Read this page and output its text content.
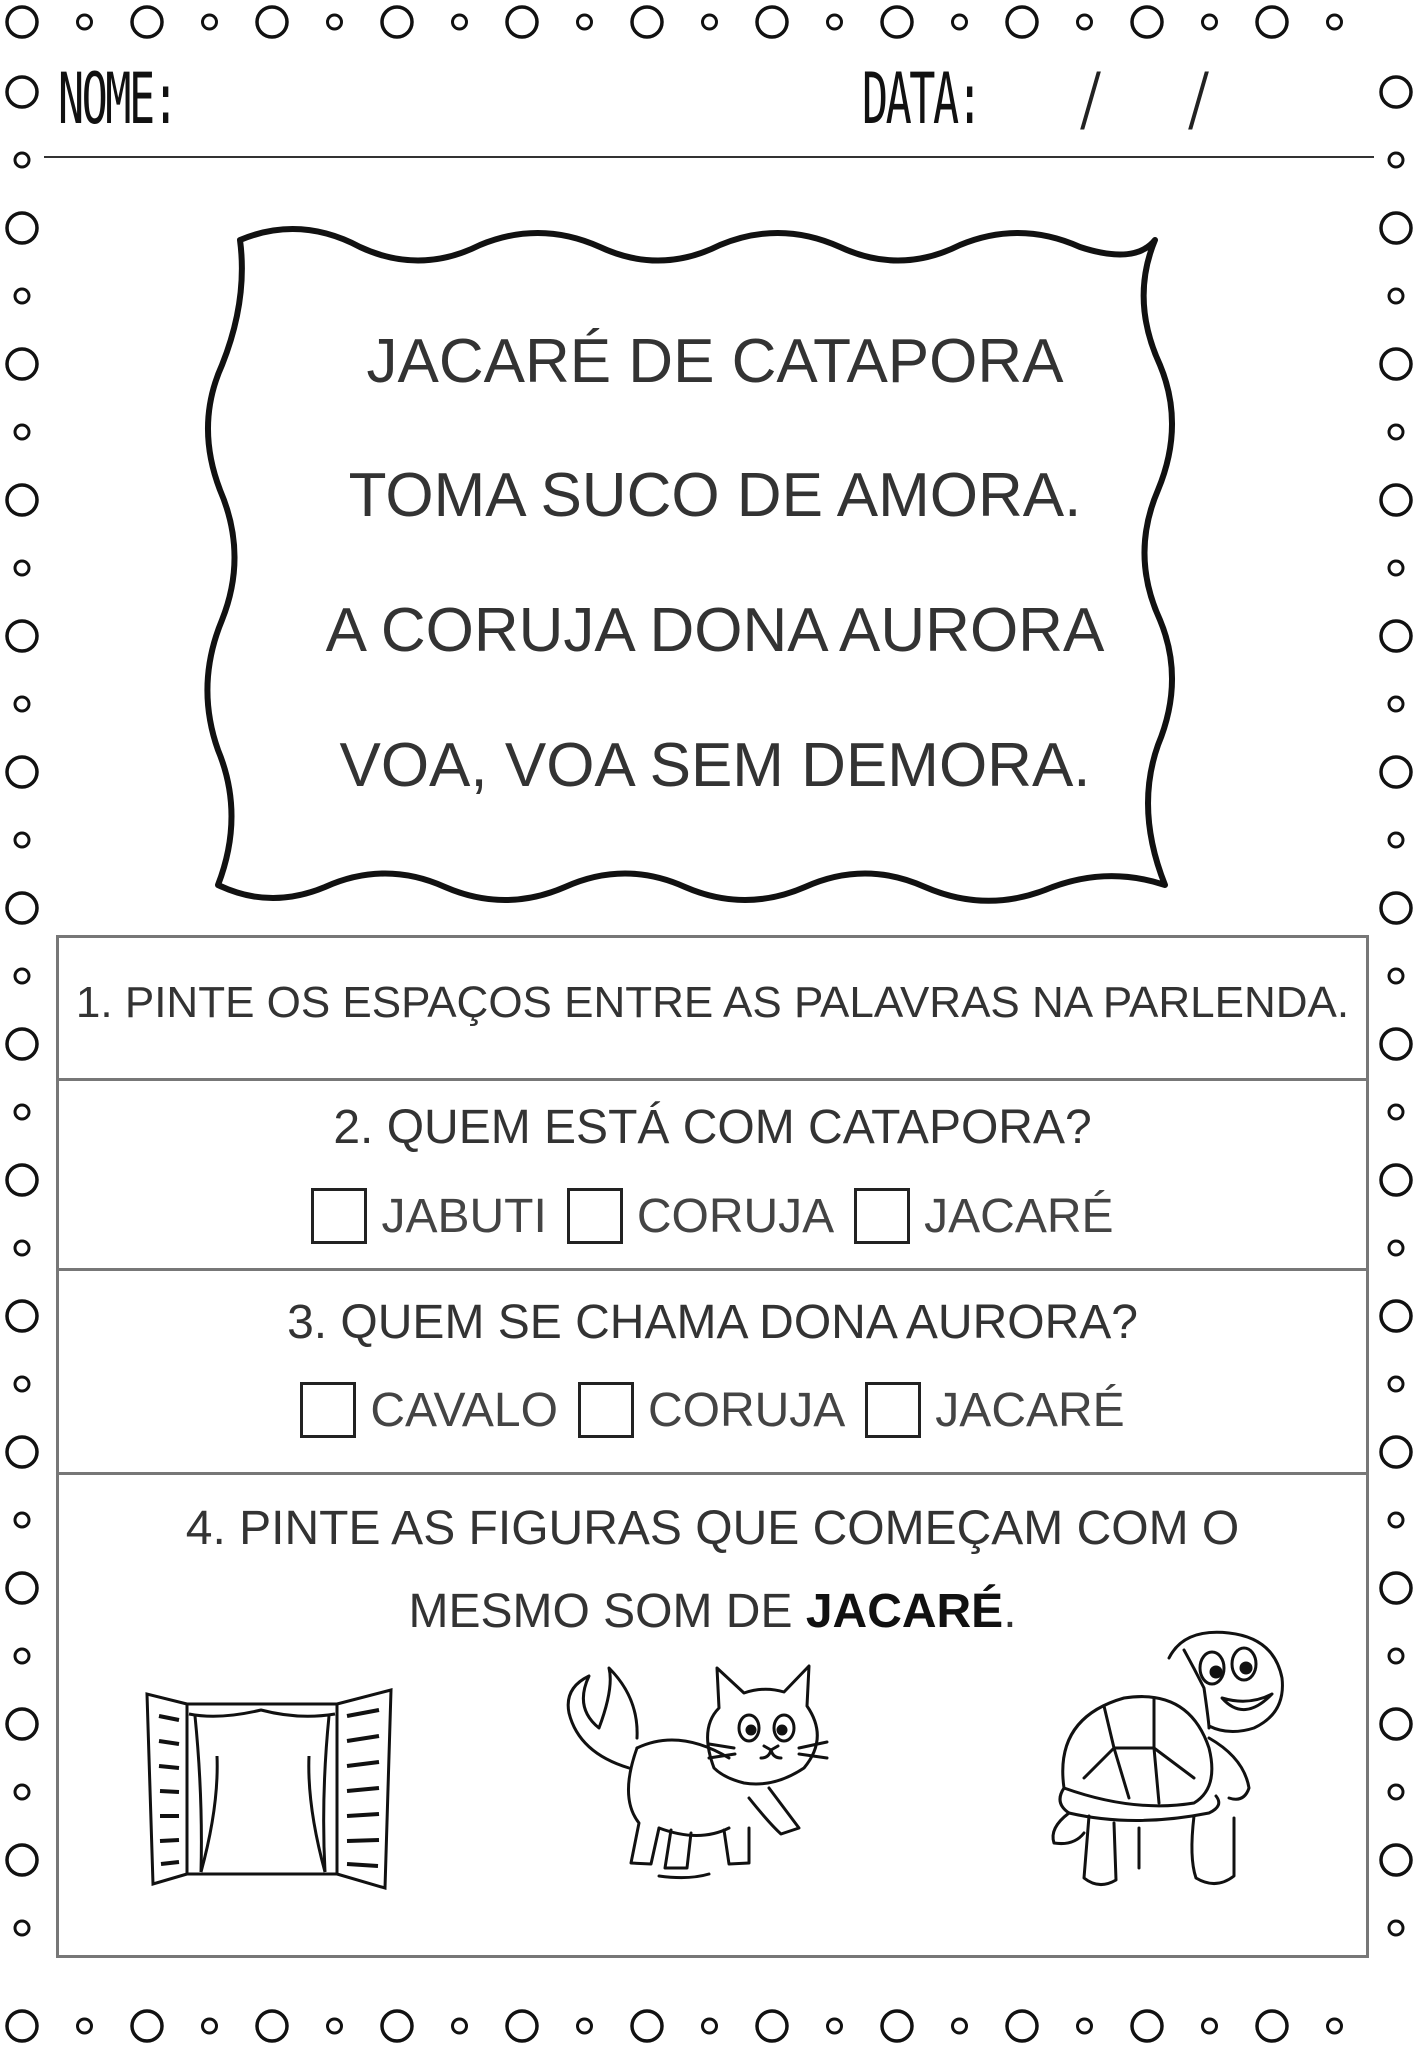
NOME:	DATA: / /
JACARÉ DE CATAPORA
TOMA SUCO DE AMORA.
A CORUJA DONA AURORA
VOA, VOA SEM DEMORA.
1. PINTE OS ESPAÇOS ENTRE AS PALAVRAS NA PARLENDA.
2. QUEM ESTÁ COM CATAPORA?
JABUTI CORUJA JACARÉ
3. QUEM SE CHAMA DONA AURORA?
CAVALO CORUJA JACARÉ
4. PINTE AS FIGURAS QUE COMEÇAM COM O
MESMO SOM DE JACARÉ.
